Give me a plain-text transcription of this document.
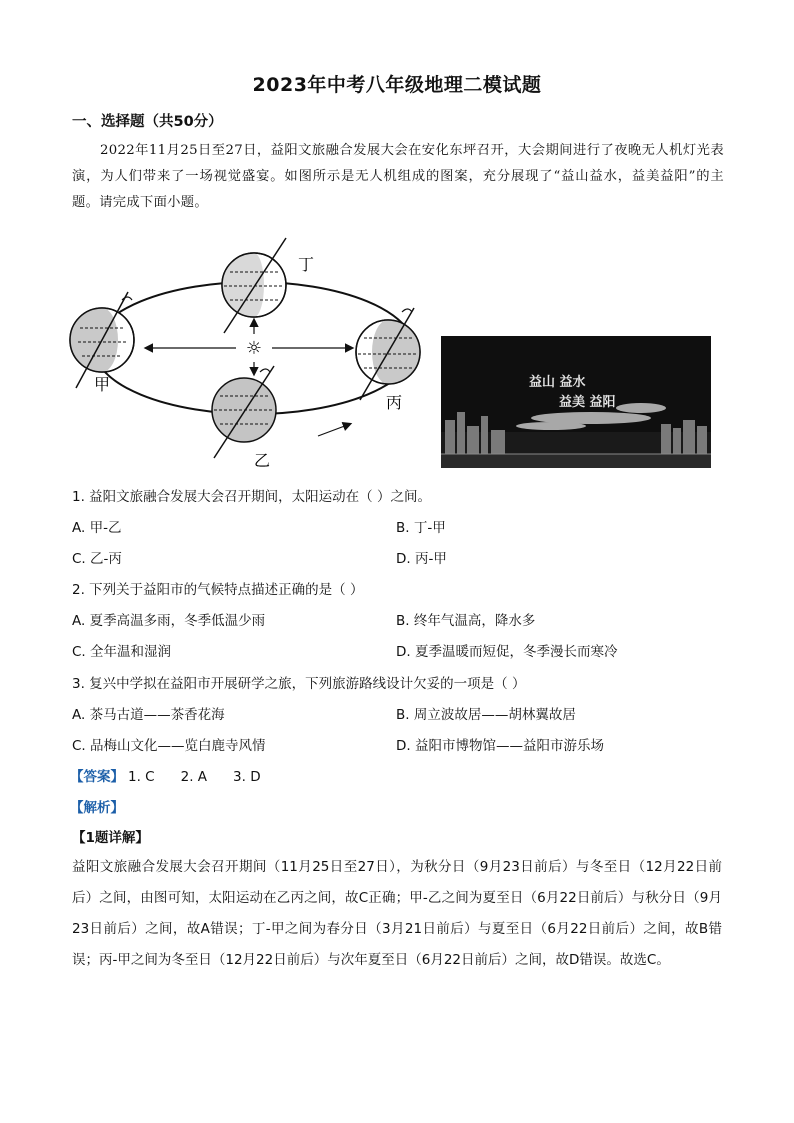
2023年中考八年级地理二模试题
一、选择题（共50分）
2022年11月25日至27日，益阳文旅融合发展大会在安化东坪召开，大会期间进行了夜晚无人机灯光表演，为人们带来了一场视觉盛宴。如图所示是无人机组成的图案，充分展现了“益山益水，益美益阳”的主题。请完成下面小题。
☼
甲
丁
丙
乙
益山 益水
益美 益阳
1. 益阳文旅融合发展大会召开期间，太阳运动在（ ）之间。
A. 甲-乙	B. 丁-甲
C. 乙-丙	D. 丙-甲
2. 下列关于益阳市的气候特点描述正确的是（ ）
A. 夏季高温多雨，冬季低温少雨	B. 终年气温高，降水多
C. 全年温和湿润	D. 夏季温暖而短促，冬季漫长而寒冷
3. 复兴中学拟在益阳市开展研学之旅，下列旅游路线设计欠妥的一项是（ ）
A. 茶马古道——茶香花海	B. 周立波故居——胡林翼故居
C. 品梅山文化——览白鹿寺风情	D. 益阳市博物馆——益阳市游乐场
【答案】 1. C 2. A 3. D
【解析】
【1题详解】
益阳文旅融合发展大会召开期间（11月25日至27日），为秋分日（9月23日前后）与冬至日（12月22日前后）之间，由图可知，太阳运动在乙丙之间，故C正确；甲-乙之间为夏至日（6月22日前后）与秋分日（9月23日前后）之间，故A错误；丁-甲之间为春分日（3月21日前后）与夏至日（6月22日前后）之间，故B错误；丙-甲之间为冬至日（12月22日前后）与次年夏至日（6月22日前后）之间，故D错误。故选C。
